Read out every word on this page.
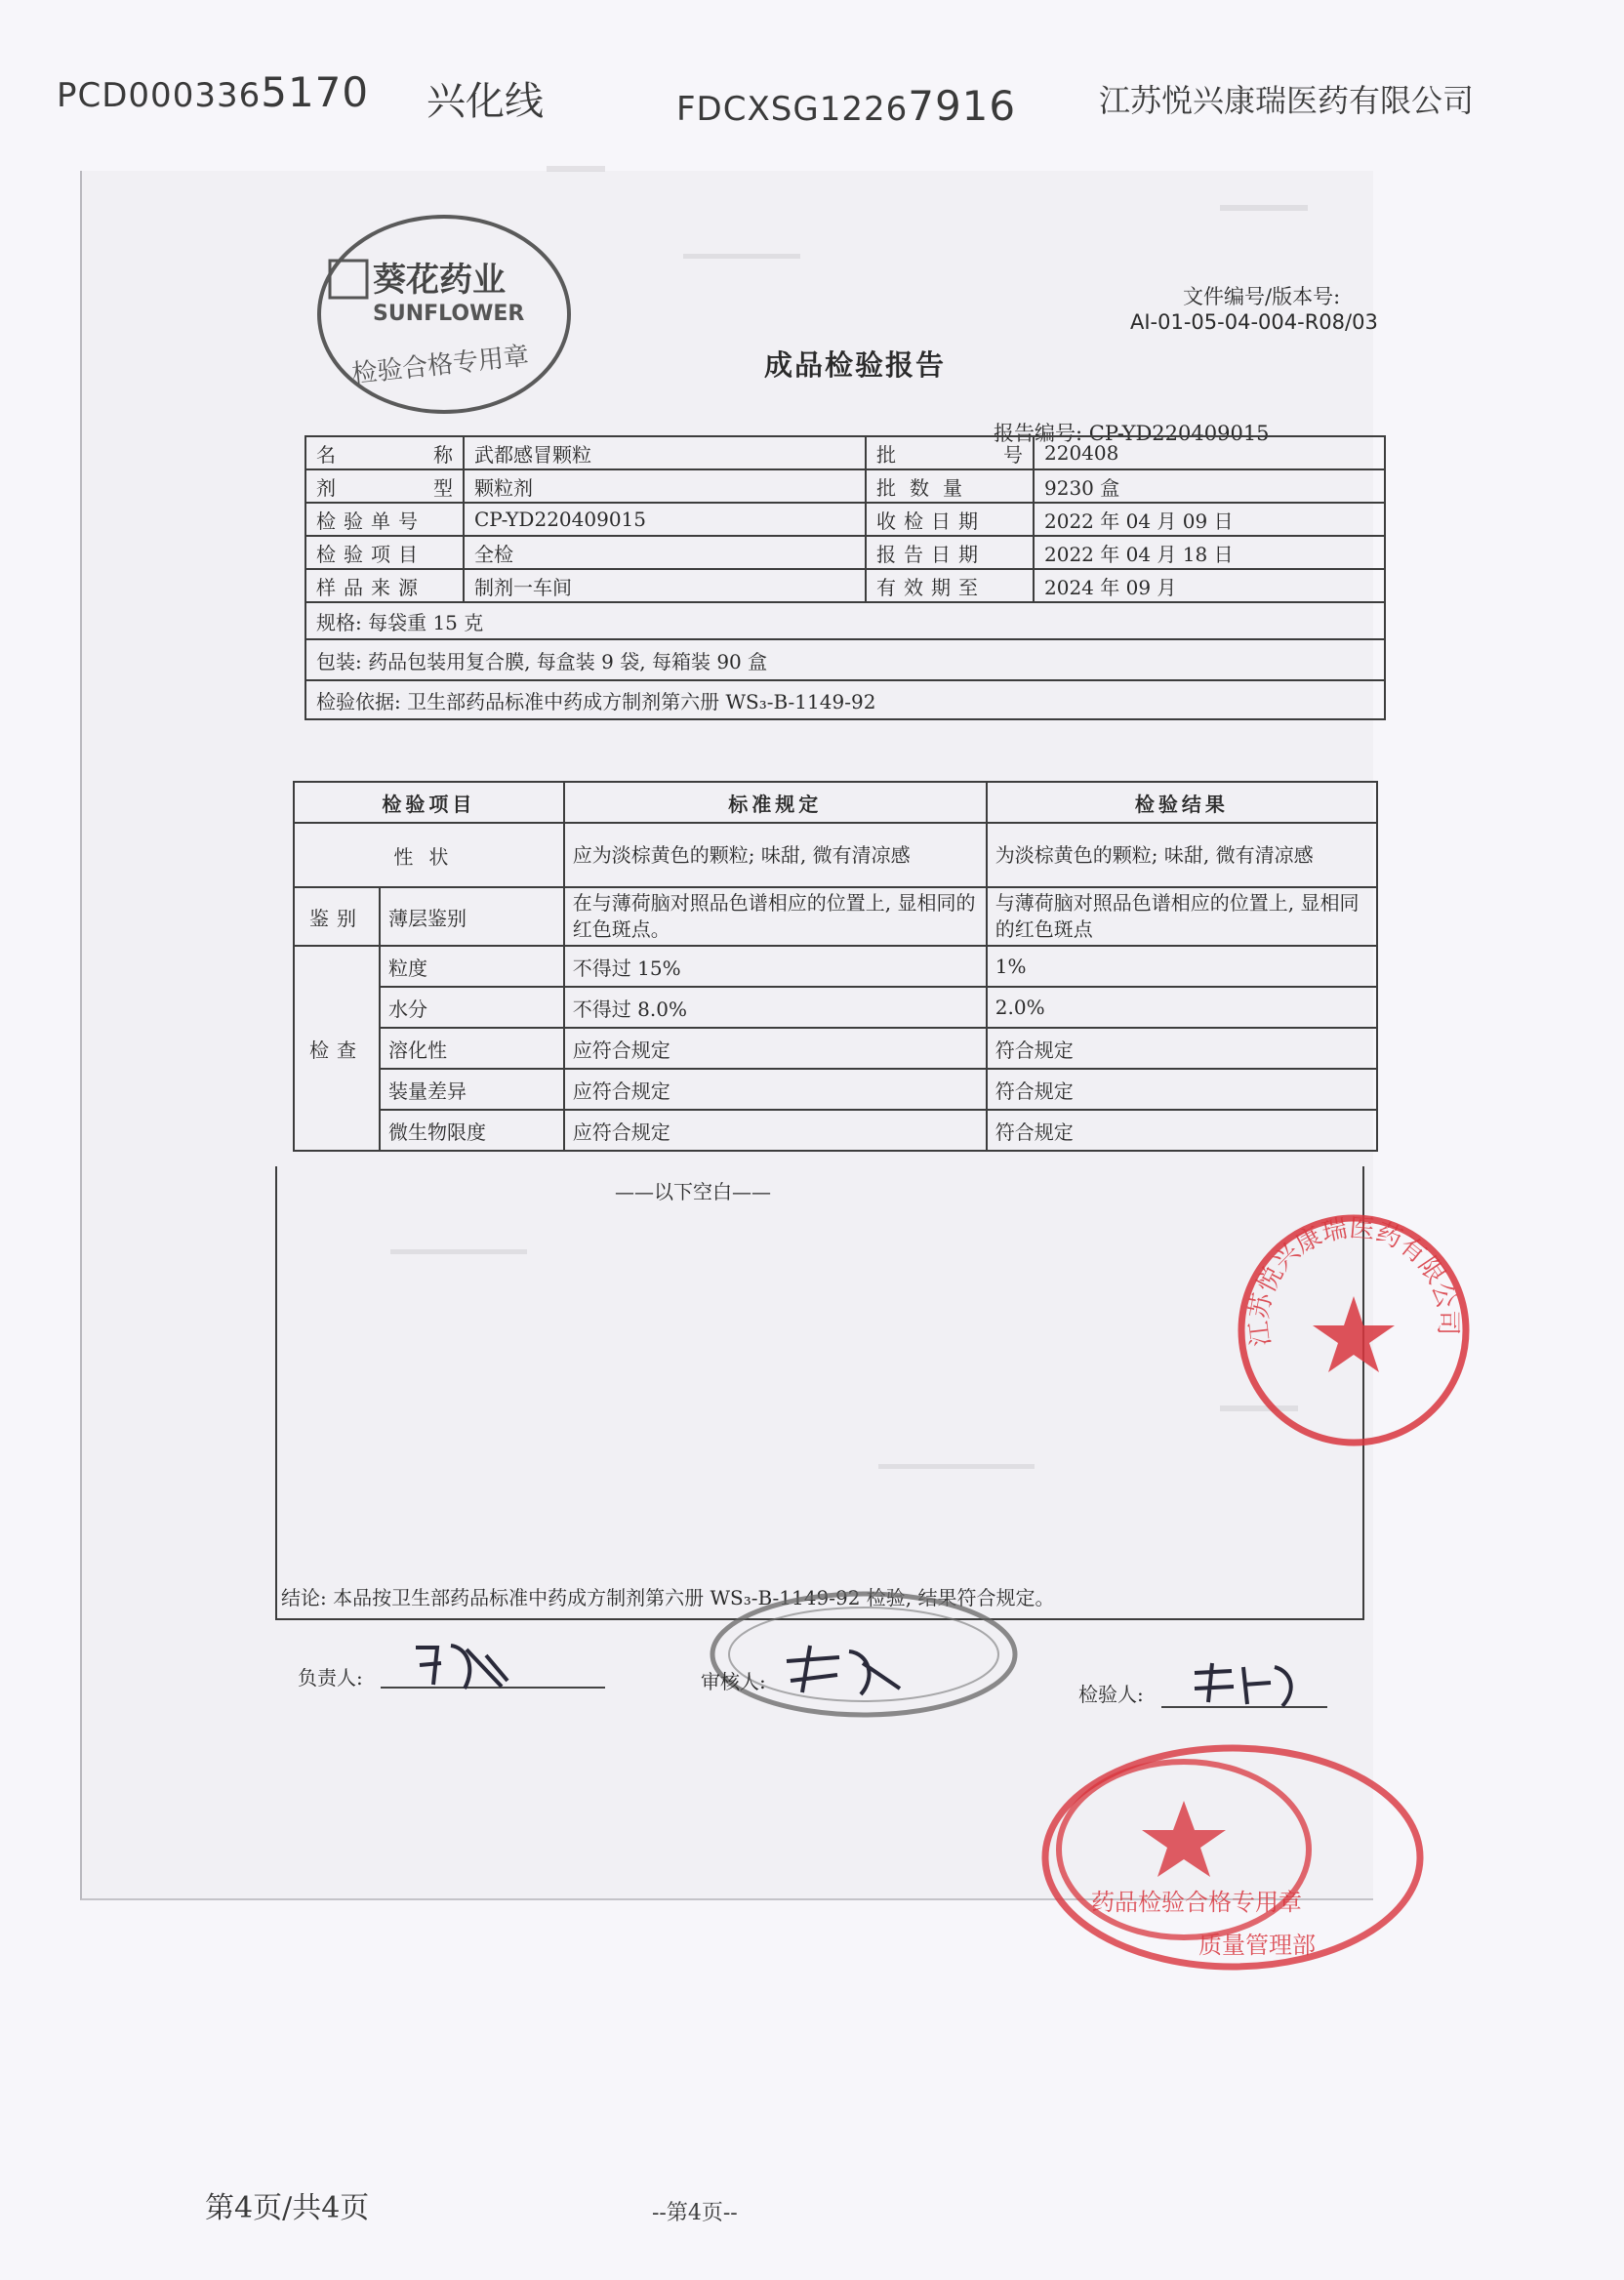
PCD0003365170 兴化线	FDCXSG12267916	江苏悦兴康瑞医药有限公司
葵花药业
SUNFLOWER
检验合格专用章
文件编号/版本号:
AI-01-05-04-004-R08/03
成品检验报告
报告编号: CP-YD220409015
名 称	武都感冒颗粒	批 号	220408

剂 型	颗粒剂	批数量	9230 盒
检验单号	CP-YD220409015	收检日期	2022 年 04 月 09 日
检验项目	全检	报告日期	2022 年 04 月 18 日
样品来源	制剂一车间	有效期至	2024 年 09 月
规格: 每袋重 15 克			
包装: 药品包装用复合膜, 每盒装 9 袋, 每箱装 90 盒			
检验依据: 卫生部药品标准中药成方制剂第六册 WS₃-B-1149-92			
检验项目		标准规定	检验结果
性状		应为淡棕黄色的颗粒; 味甜, 微有清凉感	为淡棕黄色的颗粒; 味甜, 微有清凉感
鉴别	薄层鉴别	在与薄荷脑对照品色谱相应的位置上, 显相同的红色斑点。	与薄荷脑对照品色谱相应的位置上, 显相同的红色斑点
检查	粒度	不得过 15%	1%
	水分	不得过 8.0%	2.0%
	溶化性	应符合规定	符合规定
	装量差异	应符合规定	符合规定
	微生物限度	应符合规定	符合规定
——以下空白——
江苏悦兴康瑞医药有限公司
结论: 本品按卫生部药品标准中药成方制剂第六册 WS₃-B-1149-92 检验, 结果符合规定。
负责人:	审核人:
检验人:
药品检验合格专用章
质量管理部
第4页/共4页	--第4页--
